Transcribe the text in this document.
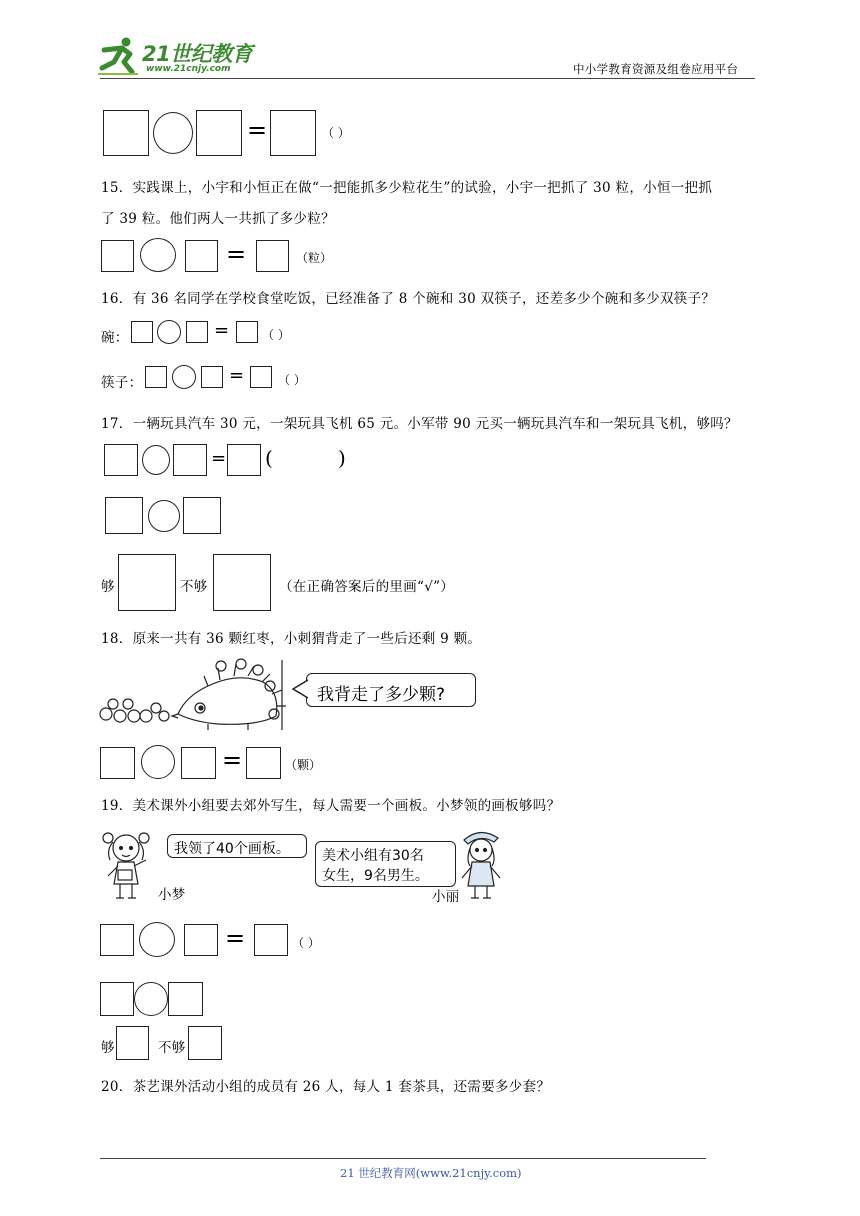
21世纪教育
www.21cnjy.com	中小学教育资源及组卷应用平台
=	（ ）
15．实践课上，小宇和小恒正在做“一把能抓多少粒花生”的试验，小宇一把抓了 30 粒，小恒一把抓
了 39 粒。他们两人一共抓了多少粒？
=	（粒）
16．有 36 名同学在学校食堂吃饭，已经准备了 8 个碗和 30 双筷子，还差多少个碗和多少双筷子？
碗：	=	（ ）
筷子：	=	（ ）
17．一辆玩具汽车 30 元，一架玩具飞机 65 元。小军带 90 元买一辆玩具汽车和一架玩具飞机，够吗？
= (	)
够	不够	（在正确答案后的里画“√”）
18．原来一共有 36 颗红枣，小刺猬背走了一些后还剩 9 颗。
我背走了多少颗?
=	（颗）
19．美术课外小组要去郊外写生，每人需要一个画板。小梦领的画板够吗？
我领了40个画板。
小梦
美术小组有30名
女生，9名男生。
小丽
=	（ ）
够	不够
20．茶艺课外活动小组的成员有 26 人，每人 1 套茶具，还需要多少套？
21 世纪教育网(www.21cnjy.com)
